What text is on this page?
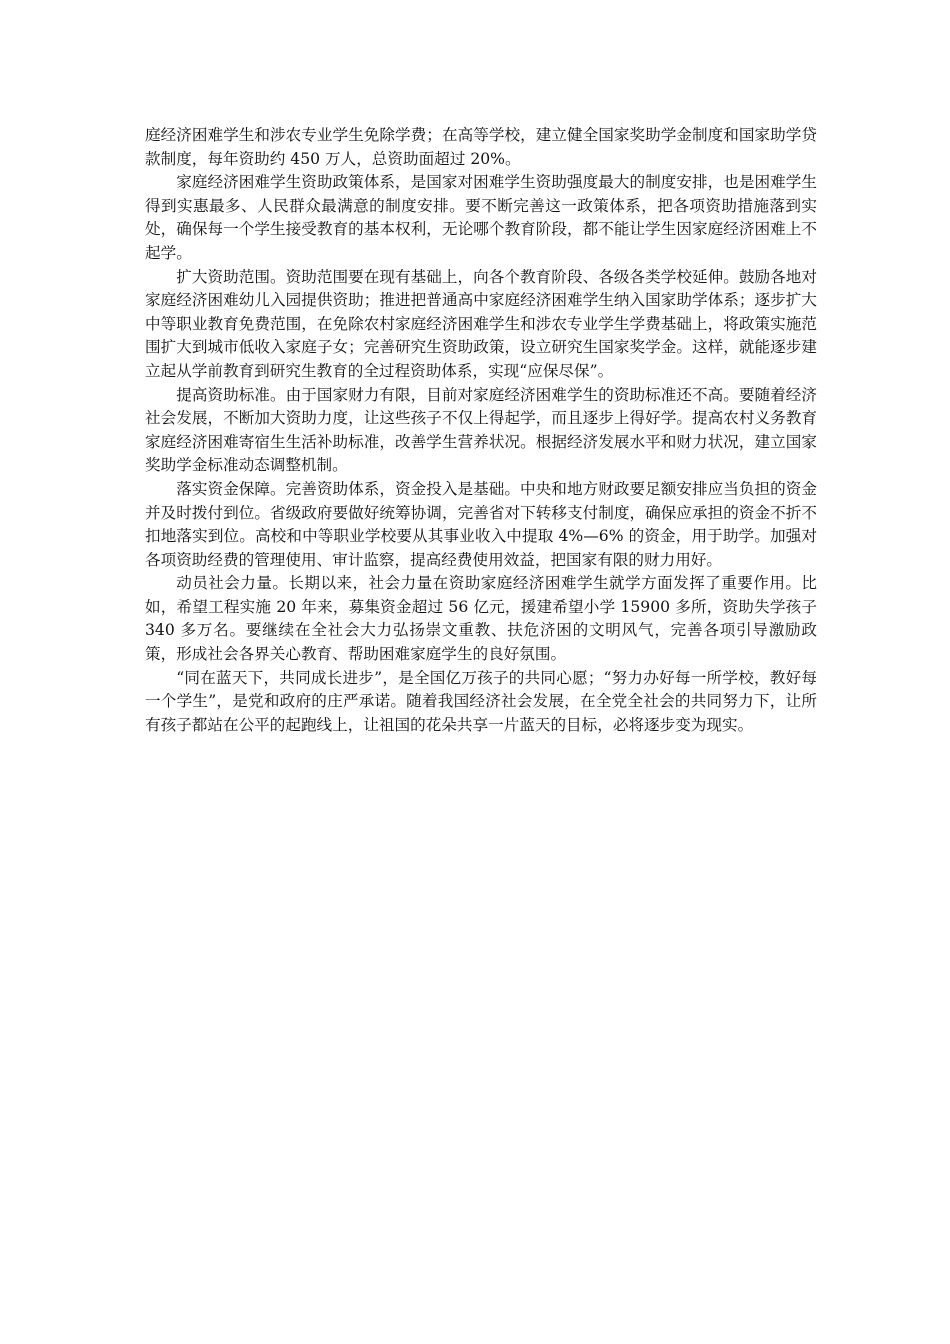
庭经济困难学生和涉农专业学生免除学费；在高等学校，建立健全国家奖助学金制度和国家助学贷款制度，每年资助约 450 万人，总资助面超过 20%。

家庭经济困难学生资助政策体系，是国家对困难学生资助强度最大的制度安排，也是困难学生得到实惠最多、人民群众最满意的制度安排。要不断完善这一政策体系，把各项资助措施落到实处，确保每一个学生接受教育的基本权利，无论哪个教育阶段，都不能让学生因家庭经济困难上不起学。

扩大资助范围。资助范围要在现有基础上，向各个教育阶段、各级各类学校延伸。鼓励各地对家庭经济困难幼儿入园提供资助；推进把普通高中家庭经济困难学生纳入国家助学体系；逐步扩大中等职业教育免费范围，在免除农村家庭经济困难学生和涉农专业学生学费基础上，将政策实施范围扩大到城市低收入家庭子女；完善研究生资助政策，设立研究生国家奖学金。这样，就能逐步建立起从学前教育到研究生教育的全过程资助体系，实现“应保尽保”。

提高资助标准。由于国家财力有限，目前对家庭经济困难学生的资助标准还不高。要随着经济社会发展，不断加大资助力度，让这些孩子不仅上得起学，而且逐步上得好学。提高农村义务教育家庭经济困难寄宿生生活补助标准，改善学生营养状况。根据经济发展水平和财力状况，建立国家奖助学金标准动态调整机制。

落实资金保障。完善资助体系，资金投入是基础。中央和地方财政要足额安排应当负担的资金并及时拨付到位。省级政府要做好统筹协调，完善省对下转移支付制度，确保应承担的资金不折不扣地落实到位。高校和中等职业学校要从其事业收入中提取 4%—6% 的资金，用于助学。加强对各项资助经费的管理使用、审计监察，提高经费使用效益，把国家有限的财力用好。

动员社会力量。长期以来，社会力量在资助家庭经济困难学生就学方面发挥了重要作用。比如，希望工程实施 20 年来，募集资金超过 56 亿元，援建希望小学 15900 多所，资助失学孩子 340 多万名。要继续在全社会大力弘扬崇文重教、扶危济困的文明风气，完善各项引导激励政策，形成社会各界关心教育、帮助困难家庭学生的良好氛围。

“同在蓝天下，共同成长进步”，是全国亿万孩子的共同心愿；“努力办好每一所学校，教好每一个学生”，是党和政府的庄严承诺。随着我国经济社会发展，在全党全社会的共同努力下，让所有孩子都站在公平的起跑线上，让祖国的花朵共享一片蓝天的目标，必将逐步变为现实。
